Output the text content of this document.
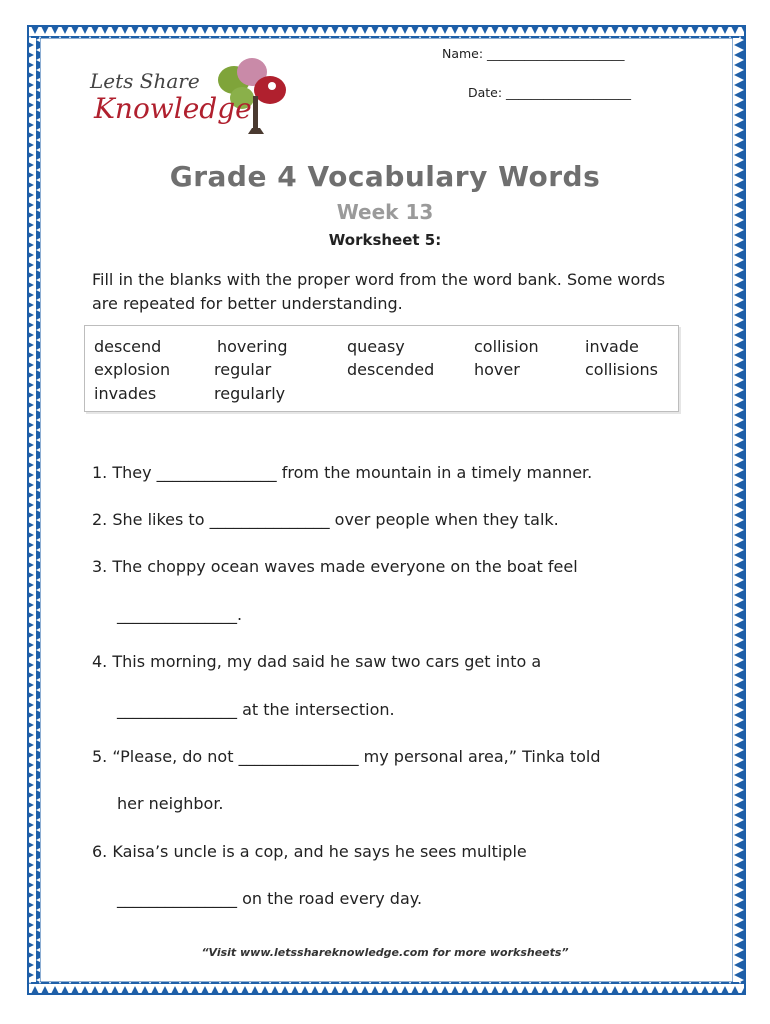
Name: ______________________
Date: ____________________
Lets Share
Knowledge
Grade 4 Vocabulary Words
Week 13
Worksheet 5:
Fill in the blanks with the proper word from the word bank. Some words are repeated for better understanding.
descend
explosion
invades
hovering
regular
regularly
queasy
descended
collision
hover
invade
collisions
1. They _______________ from the mountain in a timely manner.
2. She likes to _______________ over people when they talk.
3. The choppy ocean waves made everyone on the boat feel
_______________.
4. This morning, my dad said he saw two cars get into a
_______________ at the intersection.
5. “Please, do not _______________ my personal area,” Tinka told
her neighbor.
6. Kaisa’s uncle is a cop, and he says he sees multiple
_______________ on the road every day.
“Visit www.letsshareknowledge.com for more worksheets”
